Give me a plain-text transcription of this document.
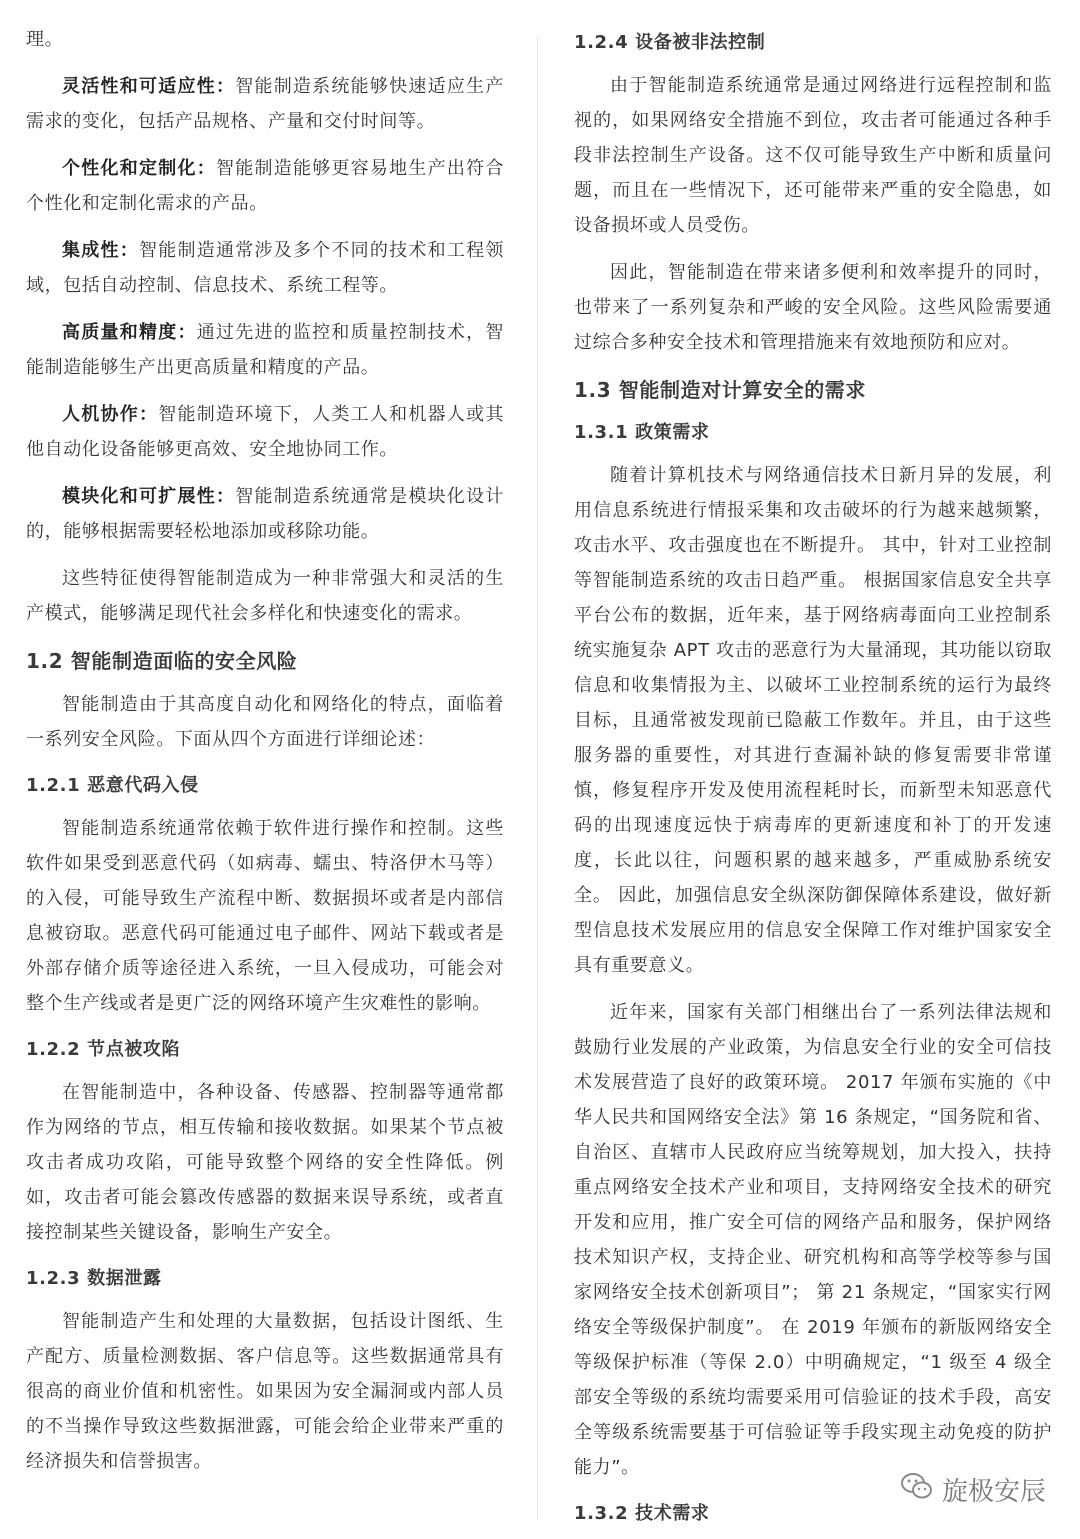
理。

灵活性和可适应性：智能制造系统能够快速适应生产需求的变化，包括产品规格、产量和交付时间等。

个性化和定制化：智能制造能够更容易地生产出符合个性化和定制化需求的产品。

集成性：智能制造通常涉及多个不同的技术和工程领域，包括自动控制、信息技术、系统工程等。

高质量和精度：通过先进的监控和质量控制技术，智能制造能够生产出更高质量和精度的产品。

人机协作：智能制造环境下，人类工人和机器人或其他自动化设备能够更高效、安全地协同工作。

模块化和可扩展性：智能制造系统通常是模块化设计的，能够根据需要轻松地添加或移除功能。

这些特征使得智能制造成为一种非常强大和灵活的生产模式，能够满足现代社会多样化和快速变化的需求。

1.2 智能制造面临的安全风险

智能制造由于其高度自动化和网络化的特点，面临着一系列安全风险。下面从四个方面进行详细论述：

1.2.1 恶意代码入侵

智能制造系统通常依赖于软件进行操作和控制。这些软件如果受到恶意代码（如病毒、蠕虫、特洛伊木马等）的入侵，可能导致生产流程中断、数据损坏或者是内部信息被窃取。恶意代码可能通过电子邮件、网站下载或者是外部存储介质等途径进入系统，一旦入侵成功，可能会对整个生产线或者是更广泛的网络环境产生灾难性的影响。

1.2.2 节点被攻陷

在智能制造中，各种设备、传感器、控制器等通常都作为网络的节点，相互传输和接收数据。如果某个节点被攻击者成功攻陷，可能导致整个网络的安全性降低。例如，攻击者可能会篡改传感器的数据来误导系统，或者直接控制某些关键设备，影响生产安全。

1.2.3 数据泄露

智能制造产生和处理的大量数据，包括设计图纸、生产配方、质量检测数据、客户信息等。这些数据通常具有很高的商业价值和机密性。如果因为安全漏洞或内部人员的不当操作导致这些数据泄露，可能会给企业带来严重的经济损失和信誉损害。

1.2.4 设备被非法控制

由于智能制造系统通常是通过网络进行远程控制和监视的，如果网络安全措施不到位，攻击者可能通过各种手段非法控制生产设备。这不仅可能导致生产中断和质量问题，而且在一些情况下，还可能带来严重的安全隐患，如设备损坏或人员受伤。

因此，智能制造在带来诸多便利和效率提升的同时，也带来了一系列复杂和严峻的安全风险。这些风险需要通过综合多种安全技术和管理措施来有效地预防和应对。

1.3 智能制造对计算安全的需求
1.3.1 政策需求

随着计算机技术与网络通信技术日新月异的发展，利用信息系统进行情报采集和攻击破坏的行为越来越频繁，攻击水平、攻击强度也在不断提升。 其中，针对工业控制等智能制造系统的攻击日趋严重。 根据国家信息安全共享平台公布的数据，近年来，基于网络病毒面向工业控制系统实施复杂 APT 攻击的恶意行为大量涌现，其功能以窃取信息和收集情报为主、以破坏工业控制系统的运行为最终目标，且通常被发现前已隐蔽工作数年。并且，由于这些服务器的重要性，对其进行查漏补缺的修复需要非常谨慎，修复程序开发及使用流程耗时长，而新型未知恶意代码的出现速度远快于病毒库的更新速度和补丁的开发速度，长此以往，问题积累的越来越多，严重威胁系统安全。 因此，加强信息安全纵深防御保障体系建设，做好新型信息技术发展应用的信息安全保障工作对维护国家安全具有重要意义。

近年来，国家有关部门相继出台了一系列法律法规和鼓励行业发展的产业政策，为信息安全行业的安全可信技术发展营造了良好的政策环境。 2017 年颁布实施的《中华人民共和国网络安全法》第 16 条规定，“国务院和省、自治区、直辖市人民政府应当统筹规划，加大投入，扶持重点网络安全技术产业和项目，支持网络安全技术的研究开发和应用，推广安全可信的网络产品和服务，保护网络技术知识产权，支持企业、研究机构和高等学校等参与国家网络安全技术创新项目”； 第 21 条规定，“国家实行网络安全等级保护制度”。 在 2019 年颁布的新版网络安全等级保护标准（等保 2.0）中明确规定，“1 级至 4 级全部安全等级的系统均需要采用可信验证的技术手段，高安全等级系统需要基于可信验证等手段实现主动免疫的防护能力”。

1.3.2 技术需求
旋极安辰
